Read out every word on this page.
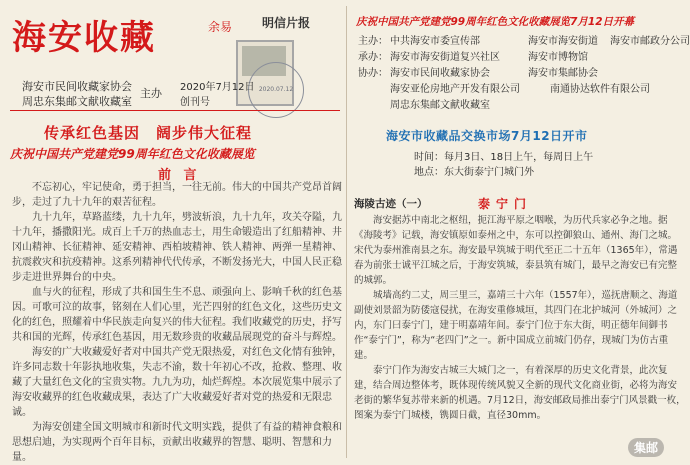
海安收藏	余易 明信片报
2020.07.12
海安市民间收藏家协会
周忠东集邮文献收藏室
主办 2020年7月12日
创刊号
传承红色基因　阔步伟大征程
庆祝中国共产党建党99周年红色文化收藏展览
前 言

不忘初心，牢记使命，勇于担当，一往无前。伟大的中国共产党昂首阔步，走过了九十九年的艰苦征程。

九十九年，草路蓝缕，九十九年，劈波斩浪，九十九年，攻关夺隘，九十九年，播撒阳光。成百上千万的热血志士，用生命锻造出了红船精神、井冈山精神、长征精神、延安精神、西柏坡精神、铁人精神、两弹一星精神、抗震救灾和抗疫精神。这系列精神代代传承，不断发扬光大，中国人民正稳步走进世界舞台的中央。

血与火的征程，形成了共和国生生不息、顽强向上、影响千秋的红色基因。可歌可泣的故事，铭刻在人们心里，光芒四射的红色文化，这些历史文化的红色，照耀着中华民族走向复兴的伟大征程。我们收藏党的历史，抒写共和国的光辉，传承红色基因，用无数珍贵的收藏品展现党的奋斗与辉煌。

海安的广大收藏爱好者对中国共产党无限热爱，对红色文化情有独钟，许多同志数十年影执地收集，失志不渝，数十年初心不改，抢救、整理、收藏了大量红色文化的宝贵实物。九九为功，灿烂辉煌。本次展览集中展示了海安收藏界的红色收藏成果，表达了广大收藏爱好者对党的热爱和无限忠诚。

为海安创建全国文明城市和新时代文明实践，提供了有益的精神食粮和思想启迪，为实现两个百年目标，贡献出收藏界的智慧、聪明、智慧和力量。

庆祝中国共产党建党99周年红色文化收藏展览7月12日开幕
主办： 中共海安市委宣传部	海安市海安街道 海安市邮政分公司
承办： 海安市海安街道复兴社区	海安市博物馆
协办： 海安市民间收藏家协会	海安市集邮协会
海安亚伦房地产开发有限公司	南通协达软件有限公司
周忠东集邮文献收藏室
海安市收藏品交换市场7月12日开市
时间：每月3日、18日上午，每周日上午
地点：东大街泰宁门城门外
海陵古迹（一）	泰宁门

海安据苏中南北之枢纽，扼江海平原之咽喉，为历代兵家必争之地。据《海陵考》记载，海安镇原如泰州之中，东可以控御狼山、通州、海门之城。宋代为泰州淮南县之东。海安最早筑城于明代至正二十五年（1365年），常遇春为前张士诚平江城之后，于海安筑城，泰县筑有城门，最早之海安已有完整的城郭。

城墙高约二丈，周三里三，嘉靖三十六年（1557年），巡抚唐顺之、海道副使刘景韶为防倭寇侵扰，在海安重修城垣，其四门在北护城河（外城河）之内，东门曰泰宁门，建于明嘉靖年间。泰宁门位于东大街，明正德年间御书作“泰宁门”，称为“老四门”之一。新中国成立前城门仍存，现城门为仿古重建。

泰宁门作为海安古城三大城门之一，有着深厚的历史文化背景，此次复建，结合周边整体考，既体现传统风貌又全新的现代文化商业街，必将为海安老街的繁华复苏带来新的机遇。7月12日，海安邮政局推出泰宁门风景戳一枚，图案为泰宁门城楼，镌圆日截，直径30mm。

集邮
